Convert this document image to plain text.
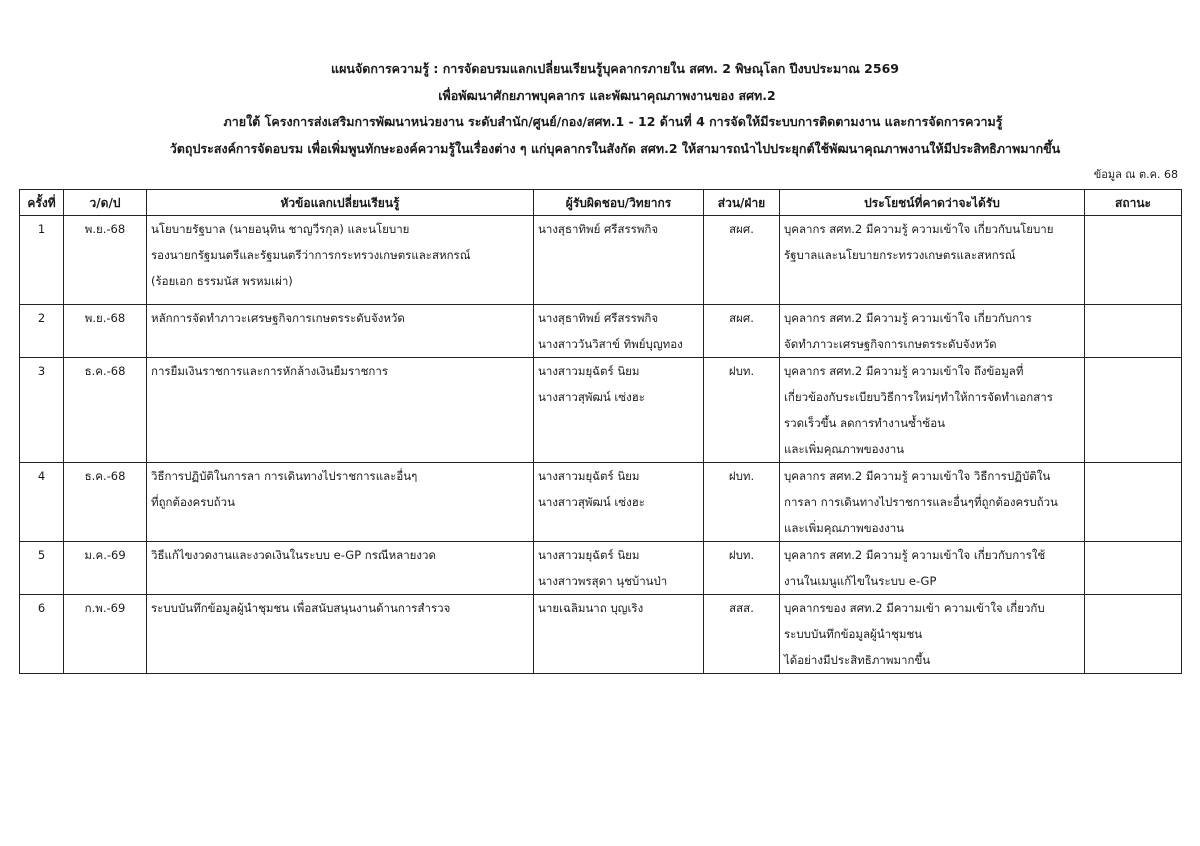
แผนจัดการความรู้ : การจัดอบรมแลกเปลี่ยนเรียนรู้บุคลากรภายใน สศท. 2 พิษณุโลก ปีงบประมาณ 2569
เพื่อพัฒนาศักยภาพบุคลากร และพัฒนาคุณภาพงานของ สศท.2
ภายใต้ โครงการส่งเสริมการพัฒนาหน่วยงาน ระดับสำนัก/ศูนย์/กอง/สศท.1 - 12 ด้านที่ 4 การจัดให้มีระบบการติดตามงาน และการจัดการความรู้
วัตถุประสงค์การจัดอบรม เพื่อเพิ่มพูนทักษะองค์ความรู้ในเรื่องต่าง ๆ แก่บุคลากรในสังกัด สศท.2 ให้สามารถนำไปประยุกต์ใช้พัฒนาคุณภาพงานให้มีประสิทธิภาพมากขึ้น
ข้อมูล ณ ต.ค. 68
ครั้งที่	ว/ด/ป	หัวข้อแลกเปลี่ยนเรียนรู้	ผู้รับผิดชอบ/วิทยากร	ส่วน/ฝ่าย	ประโยชน์ที่คาดว่าจะได้รับ	สถานะ

1	พ.ย.-68	นโยบายรัฐบาล (นายอนุทิน ชาญวีรกุล) และนโยบาย
รองนายกรัฐมนตรีและรัฐมนตรีว่าการกระทรวงเกษตรและสหกรณ์
(ร้อยเอก ธรรมนัส พรหมเผ่า)	นางสุธาทิพย์ ศรีสรรพกิจ	สผศ.	บุคลากร สศท.2 มีความรู้ ความเข้าใจ เกี่ยวกับนโยบาย
รัฐบาลและนโยบายกระทรวงเกษตรและสหกรณ์	

2	พ.ย.-68	หลักการจัดทำภาวะเศรษฐกิจการเกษตรระดับจังหวัด	นางสุธาทิพย์ ศรีสรรพกิจ
นางสาววันวิสาข์ ทิพย์บุญทอง	สผศ.	บุคลากร สศท.2 มีความรู้ ความเข้าใจ เกี่ยวกับการ
จัดทำภาวะเศรษฐกิจการเกษตรระดับจังหวัด	

3	ธ.ค.-68	การยืมเงินราชการและการหักล้างเงินยืมราชการ	นางสาวมยุฉัตร์ นิยม
นางสาวสุพัฒน์ เซ่งฮะ	ฝบท.	บุคลากร สศท.2 มีความรู้ ความเข้าใจ ถึงข้อมูลที่
เกี่ยวข้องกับระเบียบวิธีการใหม่ๆทำให้การจัดทำเอกสาร
รวดเร็วขึ้น ลดการทำงานซ้ำซ้อน
และเพิ่มคุณภาพของงาน	

4	ธ.ค.-68	วิธีการปฏิบัติในการลา การเดินทางไปราชการและอื่นๆ
ที่ถูกต้องครบถ้วน	นางสาวมยุฉัตร์ นิยม
นางสาวสุพัฒน์ เซ่งฮะ	ฝบท.	บุคลากร สศท.2 มีความรู้ ความเข้าใจ วิธีการปฏิบัติใน
การลา การเดินทางไปราชการและอื่นๆที่ถูกต้องครบถ้วน
และเพิ่มคุณภาพของงาน	

5	ม.ค.-69	วิธีแก้ไขงวดงานและงวดเงินในระบบ e-GP กรณีหลายงวด	นางสาวมยุฉัตร์ นิยม
นางสาวพรสุดา นุชบ้านป่า	ฝบท.	บุคลากร สศท.2 มีความรู้ ความเข้าใจ เกี่ยวกับการใช้
งานในเมนูแก้ไขในระบบ e-GP	

6	ก.พ.-69	ระบบบันทึกข้อมูลผู้นำชุมชน เพื่อสนับสนุนงานด้านการสำรวจ	นายเฉลิมนาถ บุญเริง	สสส.	บุคลากรของ สศท.2 มีความเข้า ความเข้าใจ เกี่ยวกับ
ระบบบันทึกข้อมูลผู้นำชุมชน
ได้อย่างมีประสิทธิภาพมากขึ้น	
